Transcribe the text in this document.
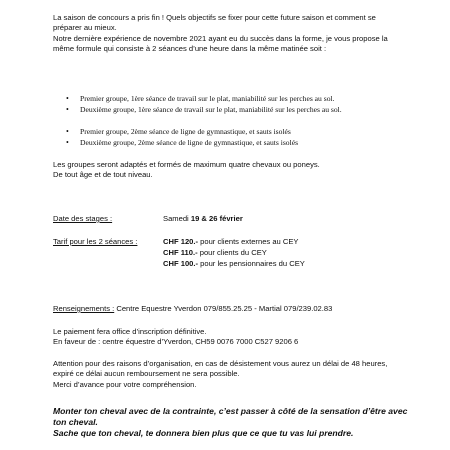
La saison de concours a pris fin ! Quels objectifs se fixer pour cette future saison et comment se préparer au mieux.
Notre dernière expérience de novembre 2021 ayant eu du succès dans la forme, je vous propose la même formule qui consiste à 2 séances d’une heure dans la même matinée soit :
• Premier groupe, 1ère séance de travail sur le plat, maniabilité sur les perches au sol.
• Deuxième groupe, 1ère séance de travail sur le plat, maniabilité sur les perches au sol.
• Premier groupe, 2ème séance de ligne de gymnastique, et sauts isolés
• Deuxième groupe, 2ème séance de ligne de gymnastique, et sauts isolés
Les groupes seront adaptés et formés de maximum quatre chevaux ou poneys.
De tout âge et de tout niveau.
Date des stages :	Samedi 19 & 26 février
Tarif pour les 2 séances :	CHF 120.- pour clients externes au CEY
CHF 110.- pour clients du CEY
CHF 100.- pour les pensionnaires du CEY
Renseignements : Centre Equestre Yverdon 079/855.25.25 - Martial 079/239.02.83
Le paiement fera office d’inscription définitive.
En faveur de : centre équestre d’Yverdon, CH59 0076 7000 C527 9206 6
Attention pour des raisons d’organisation, en cas de désistement vous aurez un délai de 48 heures, expiré ce délai aucun remboursement ne sera possible.
Merci d’avance pour votre compréhension.
Monter ton cheval avec de la contrainte, c’est passer à côté de la sensation d’être avec ton cheval.
Sache que ton cheval, te donnera bien plus que ce que tu vas lui prendre.
